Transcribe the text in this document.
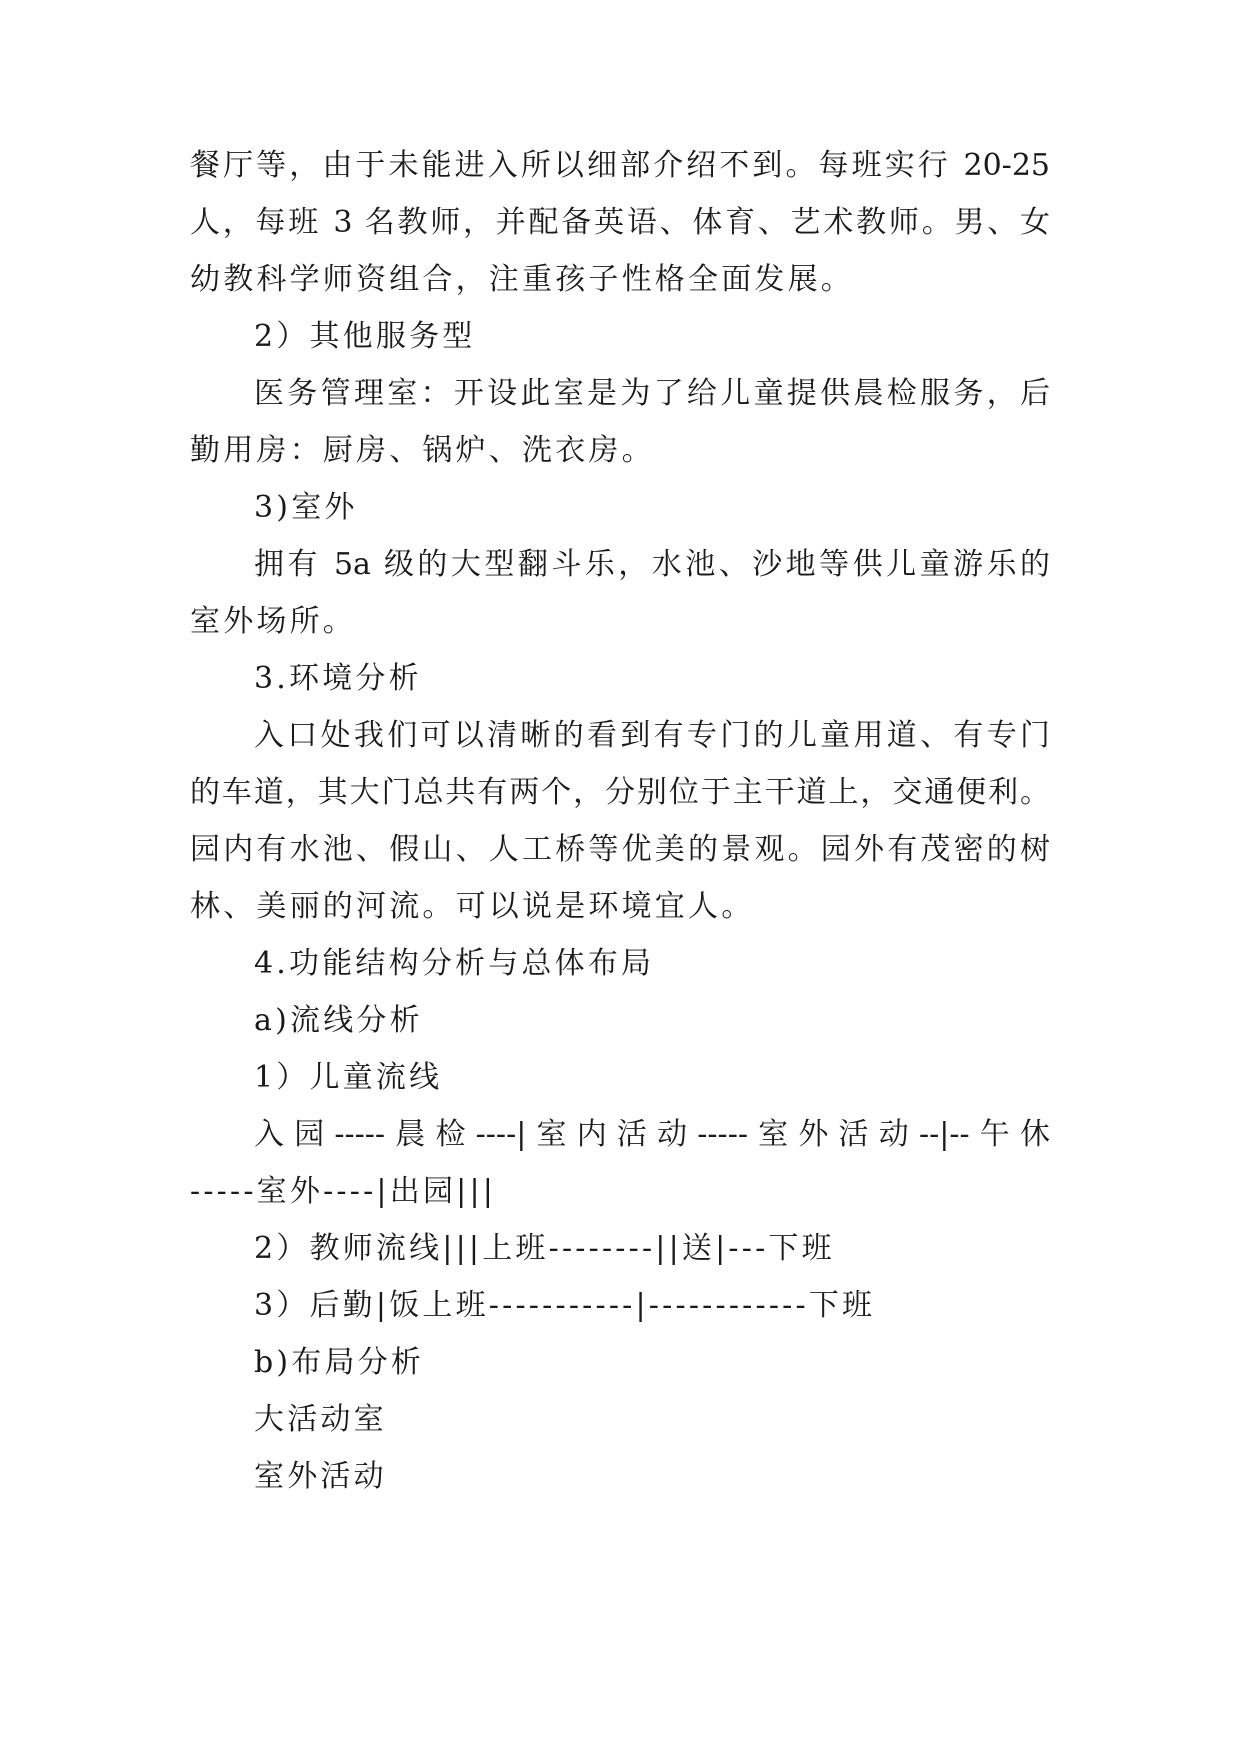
餐厅等，由于未能进入所以细部介绍不到。每班实行 20-25
人，每班 3 名教师，并配备英语、体育、艺术教师。男、女
幼教科学师资组合，注重孩子性格全面发展。
2）其他服务型
医务管理室：开设此室是为了给儿童提供晨检服务，后
勤用房：厨房、锅炉、洗衣房。
3)室外
拥有 5a 级的大型翻斗乐，水池、沙地等供儿童游乐的
室外场所。
3.环境分析
入口处我们可以清晰的看到有专门的儿童用道、有专门
的车道，其大门总共有两个，分别位于主干道上，交通便利。
园内有水池、假山、人工桥等优美的景观。园外有茂密的树
林、美丽的河流。可以说是环境宜人。
4.功能结构分析与总体布局
a)流线分析
1）儿童流线
入园-----晨检----|室内活动-----室外活动--|--午休
-----室外----|出园|||
2）教师流线|||上班--------||送|---下班
3）后勤|饭上班-----------|------------下班
b)布局分析
大活动室
室外活动
